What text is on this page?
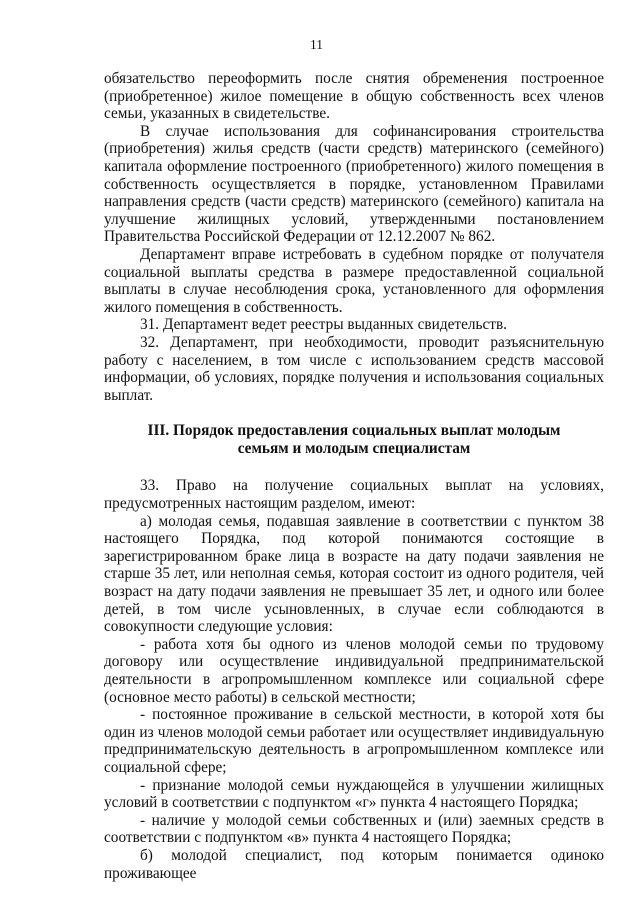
11

обязательство переоформить после снятия обременения построенное (приобретенное) жилое помещение в общую собственность всех членов семьи, указанных в свидетельстве.

В случае использования для софинансирования строительства (приобретения) жилья средств (части средств) материнского (семейного) капитала оформление построенного (приобретенного) жилого помещения в собственность осуществляется в порядке, установленном Правилами направления средств (части средств) материнского (семейного) капитала на улучшение жилищных условий, утвержденными постановлением Правительства Российской Федерации от 12.12.2007 № 862.

Департамент вправе истребовать в судебном порядке от получателя социальной выплаты средства в размере предоставленной социальной выплаты в случае несоблюдения срока, установленного для оформления жилого помещения в собственность.

31. Департамент ведет реестры выданных свидетельств.

32. Департамент, при необходимости, проводит разъяснительную работу с населением, в том числе с использованием средств массовой информации, об условиях, порядке получения и использования социальных выплат.

III. Порядок предоставления социальных выплат молодым
семьям и молодым специалистам

33. Право на получение социальных выплат на условиях, предусмотренных настоящим разделом, имеют:

а) молодая семья, подавшая заявление в соответствии с пунктом 38 настоящего Порядка, под которой понимаются состоящие в зарегистрированном браке лица в возрасте на дату подачи заявления не старше 35 лет, или неполная семья, которая состоит из одного родителя, чей возраст на дату подачи заявления не превышает 35 лет, и одного или более детей, в том числе усыновленных, в случае если соблюдаются в совокупности следующие условия:

- работа хотя бы одного из членов молодой семьи по трудовому договору или осуществление индивидуальной предпринимательской деятельности в агропромышленном комплексе или социальной сфере (основное место работы) в сельской местности;

- постоянное проживание в сельской местности, в которой хотя бы один из членов молодой семьи работает или осуществляет индивидуальную предпринимательскую деятельность в агропромышленном комплексе или социальной сфере;

- признание молодой семьи нуждающейся в улучшении жилищных условий в соответствии с подпунктом «г» пункта 4 настоящего Порядка;

- наличие у молодой семьи собственных и (или) заемных средств в соответствии с подпунктом «в» пункта 4 настоящего Порядка;

б) молодой специалист, под которым понимается одиноко проживающее
